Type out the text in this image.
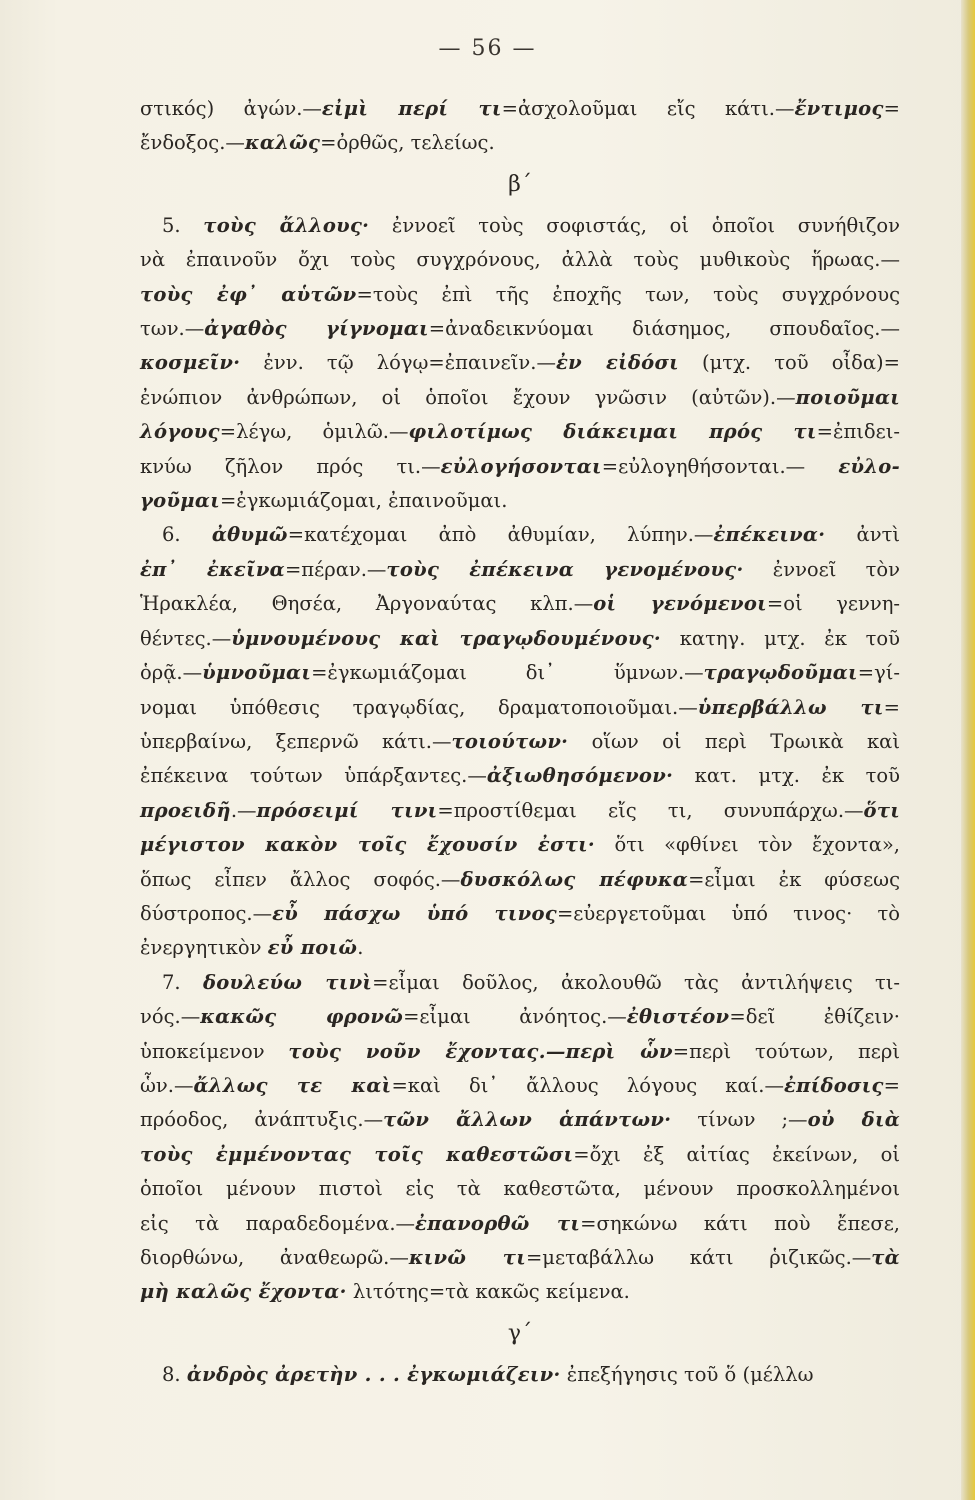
— 56 —
στικός) ἀγών.—εἰμὶ περί τι=ἀσχολοῦμαι εἴς κάτι.—ἔντιμος=
ἔνδοξος.—καλῶς=ὀρθῶς, τελείως.
β΄
5. τοὺς ἄλλους· ἐννοεῖ τοὺς σοφιστάς, οἱ ὁποῖοι συνήθιζον
νὰ ἐπαινοῦν ὄχι τοὺς συγχρόνους, ἀλλὰ τοὺς μυθικοὺς ἥρωας.—
τοὺς ἐφ᾽ αὑτῶν=τοὺς ἐπὶ τῆς ἐποχῆς των, τοὺς συγχρόνους
των.—ἀγαθὸς γίγνομαι=ἀναδεικνύομαι διάσημος, σπουδαῖος.—
κοσμεῖν· ἐνν. τῷ λόγῳ=ἐπαινεῖν.—ἐν εἰδόσι (μτχ. τοῦ οἶδα)=
ἐνώπιον ἀνθρώπων, οἱ ὁποῖοι ἔχουν γνῶσιν (αὐτῶν).—ποιοῦμαι
λόγους=λέγω, ὁμιλῶ.—φιλοτίμως διάκειμαι πρός τι=ἐπιδει-
κνύω ζῆλον πρός τι.—εὐλογήσονται=εὐλογηθήσονται.— εὐλο-
γοῦμαι=ἐγκωμιάζομαι, ἐπαινοῦμαι.
6. ἀθυμῶ=κατέχομαι ἀπὸ ἀθυμίαν, λύπην.—ἐπέκεινα· ἀντὶ
ἐπ᾽ ἐκεῖνα=πέραν.—τοὺς ἐπέκεινα γενομένους· ἐννοεῖ τὸν
Ἡρακλέα, Θησέα, Ἀργοναύτας κλπ.—οἱ γενόμενοι=οἱ γεννη-
θέντες.—ὑμνουμένους καὶ τραγῳδουμένους· κατηγ. μτχ. ἐκ τοῦ
ὁρᾷ.—ὑμνοῦμαι=ἐγκωμιάζομαι δι᾽ ὕμνων.—τραγῳδοῦμαι=γί-
νομαι ὑπόθεσις τραγῳδίας, δραματοποιοῦμαι.—ὑπερβάλλω τι=
ὑπερβαίνω, ξεπερνῶ κάτι.—τοιούτων· οἵων οἱ περὶ Τρωικὰ καὶ
ἐπέκεινα τούτων ὑπάρξαντες.—ἀξιωθησόμενον· κατ. μτχ. ἐκ τοῦ
προειδῆ.—πρόσειμί τινι=προστίθεμαι εἴς τι, συνυπάρχω.—ὅτι
μέγιστον κακὸν τοῖς ἔχουσίν ἐστι· ὅτι «φθίνει τὸν ἔχοντα»,
ὅπως εἶπεν ἄλλος σοφός.—δυσκόλως πέφυκα=εἶμαι ἐκ φύσεως
δύστροπος.—εὖ πάσχω ὑπό τινος=εὐεργετοῦμαι ὑπό τινος· τὸ
ἐνεργητικὸν εὖ ποιῶ.
7. δουλεύω τινὶ=εἶμαι δοῦλος, ἀκολουθῶ τὰς ἀντιλήψεις τι-
νός.—κακῶς φρονῶ=εἶμαι ἀνόητος.—ἐθιστέον=δεῖ ἐθίζειν·
ὑποκείμενον τοὺς νοῦν ἔχοντας.—περὶ ὧν=περὶ τούτων, περὶ
ὧν.—ἄλλως τε καὶ=καὶ δι᾽ ἄλλους λόγους καί.—ἐπίδοσις=
πρόοδος, ἀνάπτυξις.—τῶν ἄλλων ἁπάντων· τίνων ;—οὐ διὰ
τοὺς ἐμμένοντας τοῖς καθεστῶσι=ὄχι ἐξ αἰτίας ἐκείνων, οἱ
ὁποῖοι μένουν πιστοὶ εἰς τὰ καθεστῶτα, μένουν προσκολλημένοι
εἰς τὰ παραδεδομένα.—ἐπανορθῶ τι=σηκώνω κάτι ποὺ ἔπεσε,
διορθώνω, ἀναθεωρῶ.—κινῶ τι=μεταβάλλω κάτι ῥιζικῶς.—τὰ
μὴ καλῶς ἔχοντα· λιτότης=τὰ κακῶς κείμενα.
γ΄
8. ἀνδρὸς ἀρετὴν . . . ἐγκωμιάζειν· ἐπεξήγησις τοῦ ὅ (μέλλω
